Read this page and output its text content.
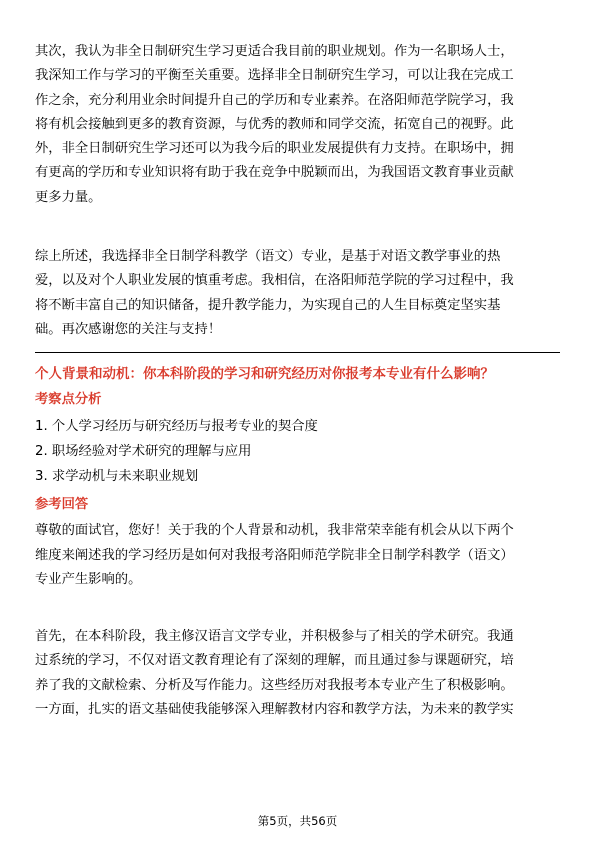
其次，我认为非全日制研究生学习更适合我目前的职业规划。作为一名职场人士，
我深知工作与学习的平衡至关重要。选择非全日制研究生学习，可以让我在完成工
作之余，充分利用业余时间提升自己的学历和专业素养。在洛阳师范学院学习，我
将有机会接触到更多的教育资源，与优秀的教师和同学交流，拓宽自己的视野。此
外，非全日制研究生学习还可以为我今后的职业发展提供有力支持。在职场中，拥
有更高的学历和专业知识将有助于我在竞争中脱颖而出，为我国语文教育事业贡献
更多力量。

综上所述，我选择非全日制学科教学（语文）专业，是基于对语文教学事业的热
爱，以及对个人职业发展的慎重考虑。我相信，在洛阳师范学院的学习过程中，我
将不断丰富自己的知识储备，提升教学能力，为实现自己的人生目标奠定坚实基
础。再次感谢您的关注与支持！

个人背景和动机：你本科阶段的学习和研究经历对你报考本专业有什么影响？
考察点分析
1. 个人学习经历与研究经历与报考专业的契合度
2. 职场经验对学术研究的理解与应用
3. 求学动机与未来职业规划
参考回答

尊敬的面试官，您好！关于我的个人背景和动机，我非常荣幸能有机会从以下两个
维度来阐述我的学习经历是如何对我报考洛阳师范学院非全日制学科教学（语文）
专业产生影响的。

首先，在本科阶段，我主修汉语言文学专业，并积极参与了相关的学术研究。我通
过系统的学习，不仅对语文教育理论有了深刻的理解，而且通过参与课题研究，培
养了我的文献检索、分析及写作能力。这些经历对我报考本专业产生了积极影响。
一方面，扎实的语文基础使我能够深入理解教材内容和教学方法，为未来的教学实

第5页，共56页
